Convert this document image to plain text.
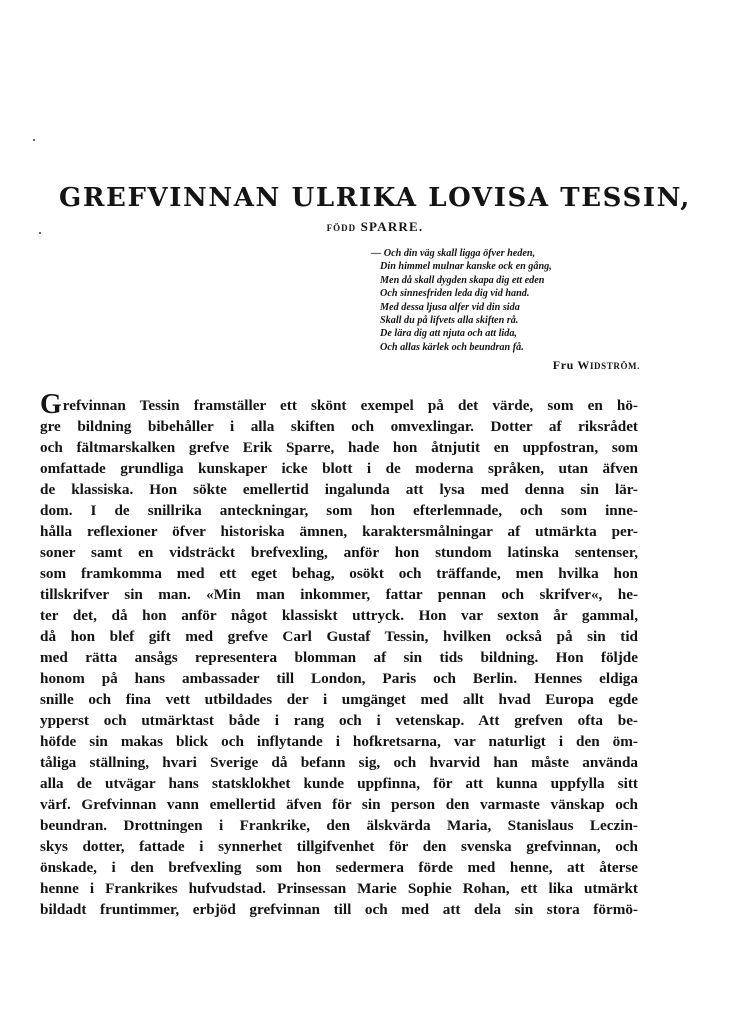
GREFVINNAN ULRIKA LOVISA TESSIN,
FÖDD SPARRE.
— Och din väg skall ligga öfver heden,
Din himmel mulnar kanske ock en gång,
Men då skall dygden skapa dig ett eden
Och sinnesfriden leda dig vid hand.
Med dessa ljusa alfer vid din sida
Skall du på lifvets alla skiften rå.
De lära dig att njuta och att lida,
Och allas kärlek och beundran få.
Fru WIDSTRÖM.
Grefvinnan Tessin framställer ett skönt exempel på det värde, som en hö-
gre bildning bibehåller i alla skiften och omvexlingar. Dotter af riksrådet
och fältmarskalken grefve Erik Sparre, hade hon åtnjutit en uppfostran, som
omfattade grundliga kunskaper icke blott i de moderna språken, utan äfven
de klassiska. Hon sökte emellertid ingalunda att lysa med denna sin lär-
dom. I de snillrika anteckningar, som hon efterlemnade, och som inne-
hålla reflexioner öfver historiska ämnen, karaktersmålningar af utmärkta per-
soner samt en vidsträckt brefvexling, anför hon stundom latinska sentenser,
som framkomma med ett eget behag, osökt och träffande, men hvilka hon
tillskrifver sin man. «Min man inkommer, fattar pennan och skrifver«, he-
ter det, då hon anför något klassiskt uttryck. Hon var sexton år gammal,
då hon blef gift med grefve Carl Gustaf Tessin, hvilken också på sin tid
med rätta ansågs representera blomman af sin tids bildning. Hon följde
honom på hans ambassader till London, Paris och Berlin. Hennes eldiga
snille och fina vett utbildades der i umgänget med allt hvad Europa egde
ypperst och utmärktast både i rang och i vetenskap. Att grefven ofta be-
höfde sin makas blick och inflytande i hofkretsarna, var naturligt i den öm-
tåliga ställning, hvari Sverige då befann sig, och hvarvid han måste använda
alla de utvägar hans statsklokhet kunde uppfinna, för att kunna uppfylla sitt
värf. Grefvinnan vann emellertid äfven för sin person den varmaste vänskap och
beundran. Drottningen i Frankrike, den älskvärda Maria, Stanislaus Leczin-
skys dotter, fattade i synnerhet tillgifvenhet för den svenska grefvinnan, och
önskade, i den brefvexling som hon sedermera förde med henne, att återse
henne i Frankrikes hufvudstad. Prinsessan Marie Sophie Rohan, ett lika utmärkt
bildadt fruntimmer, erbjöd grefvinnan till och med att dela sin stora förmö-
